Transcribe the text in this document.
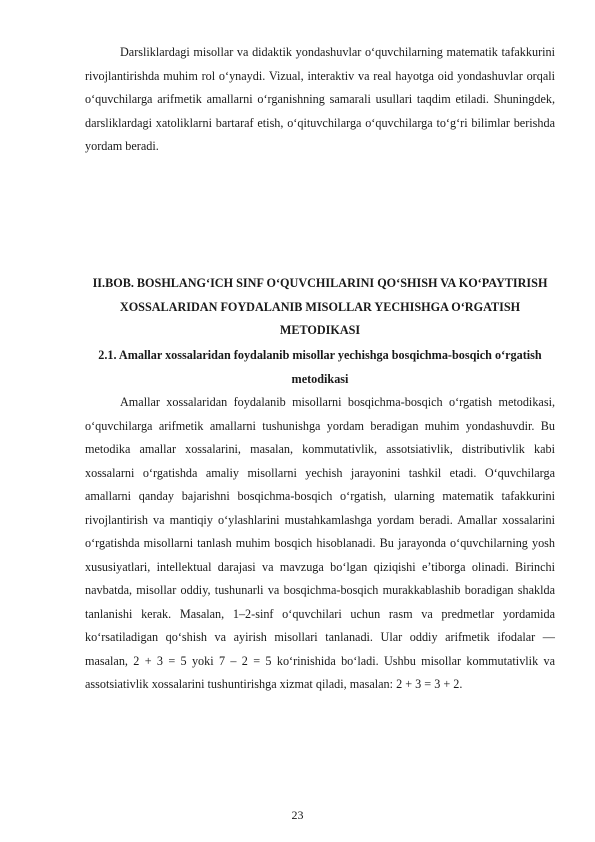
Darsliklardagi misollar va didaktik yondashuvlar o‘quvchilarning matematik tafakkurini rivojlantirishda muhim rol o‘ynaydi. Vizual, interaktiv va real hayotga oid yondashuvlar orqali o‘quvchilarga arifmetik amallarni o‘rganishning samarali usullari taqdim etiladi. Shuningdek, darsliklardagi xatoliklarni bartaraf etish, o‘qituvchilarga o‘quvchilarga to‘g‘ri bilimlar berishda yordam beradi.

II.BOB. BOSHLANG‘ICH SINF O‘QUVCHILARINI QO‘SHISH VA KO‘PAYTIRISH XOSSALARIDAN FOYDALANIB MISOLLAR YECHISHGA O‘RGATISH METODIKASI
2.1. Amallar xossalaridan foydalanib misollar yechishga bosqichma-bosqich o‘rgatish metodikasi

Amallar xossalaridan foydalanib misollarni bosqichma-bosqich o‘rgatish metodikasi, o‘quvchilarga arifmetik amallarni tushunishga yordam beradigan muhim yondashuvdir. Bu metodika amallar xossalarini, masalan, kommutativlik, assotsiativlik, distributivlik kabi xossalarni o‘rgatishda amaliy misollarni yechish jarayonini tashkil etadi. O‘quvchilarga amallarni qanday bajarishni bosqichma-bosqich o‘rgatish, ularning matematik tafakkurini rivojlantirish va mantiqiy o‘ylashlarini mustahkamlashga yordam beradi. Amallar xossalarini o‘rgatishda misollarni tanlash muhim bosqich hisoblanadi. Bu jarayonda o‘quvchilarning yosh xususiyatlari, intellektual darajasi va mavzuga bo‘lgan qiziqishi e’tiborga olinadi. Birinchi navbatda, misollar oddiy, tushunarli va bosqichma-bosqich murakkablashib boradigan shaklda tanlanishi kerak. Masalan, 1–2-sinf o‘quvchilari uchun rasm va predmetlar yordamida ko‘rsatiladigan qo‘shish va ayirish misollari tanlanadi. Ular oddiy arifmetik ifodalar — masalan, 2 + 3 = 5 yoki 7 – 2 = 5 ko‘rinishida bo‘ladi. Ushbu misollar kommutativlik va assotsiativlik xossalarini tushuntirishga xizmat qiladi, masalan: 2 + 3 = 3 + 2.

23
